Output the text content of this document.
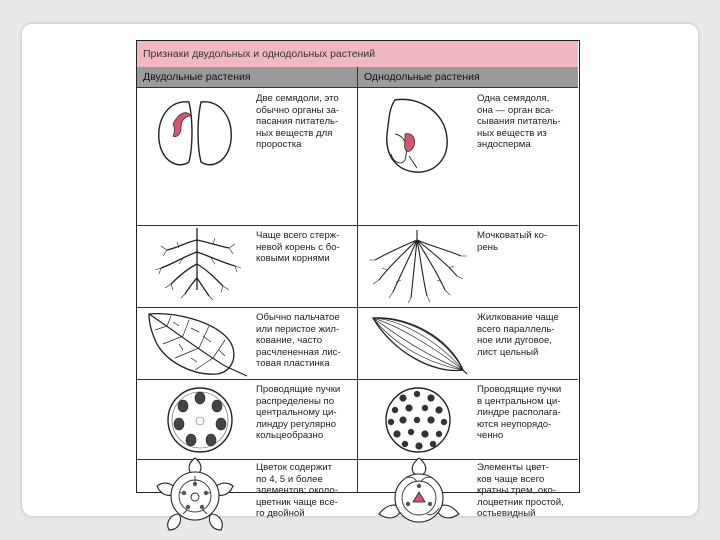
Признаки двудольных и однодольных растений
Двудольные растения	Однодольные растения
Две семядоли, это
обычно органы за-
пасания питатель-
ных веществ для
проростка
Одна семядоля,
она — орган вса-
сывания питатель-
ных веществ из
эндосперма
Чаще всего стерж-
невой корень с бо-
ковыми корнями
Мочковатый ко-
рень
Обычно пальчатое
или перистое жил-
кование, часто
расчлененная лис-
товая пластинка
Жилкование чаще
всего параллель-
ное или дуговое,
лист цельный
Проводящие пучки
распределены по
центральному ци-
линдру регулярно
кольцеобразно
Проводящие пучки
в центральном ци-
линдре располага-
ются неупорядо-
ченно
Цветок содержит
по 4, 5 и более
элементов; около-
цветник чаще все-
го двойной
Элементы цвет-
ков чаще всего
кратны трем, око-
лоцветник простой,
остьевидный
